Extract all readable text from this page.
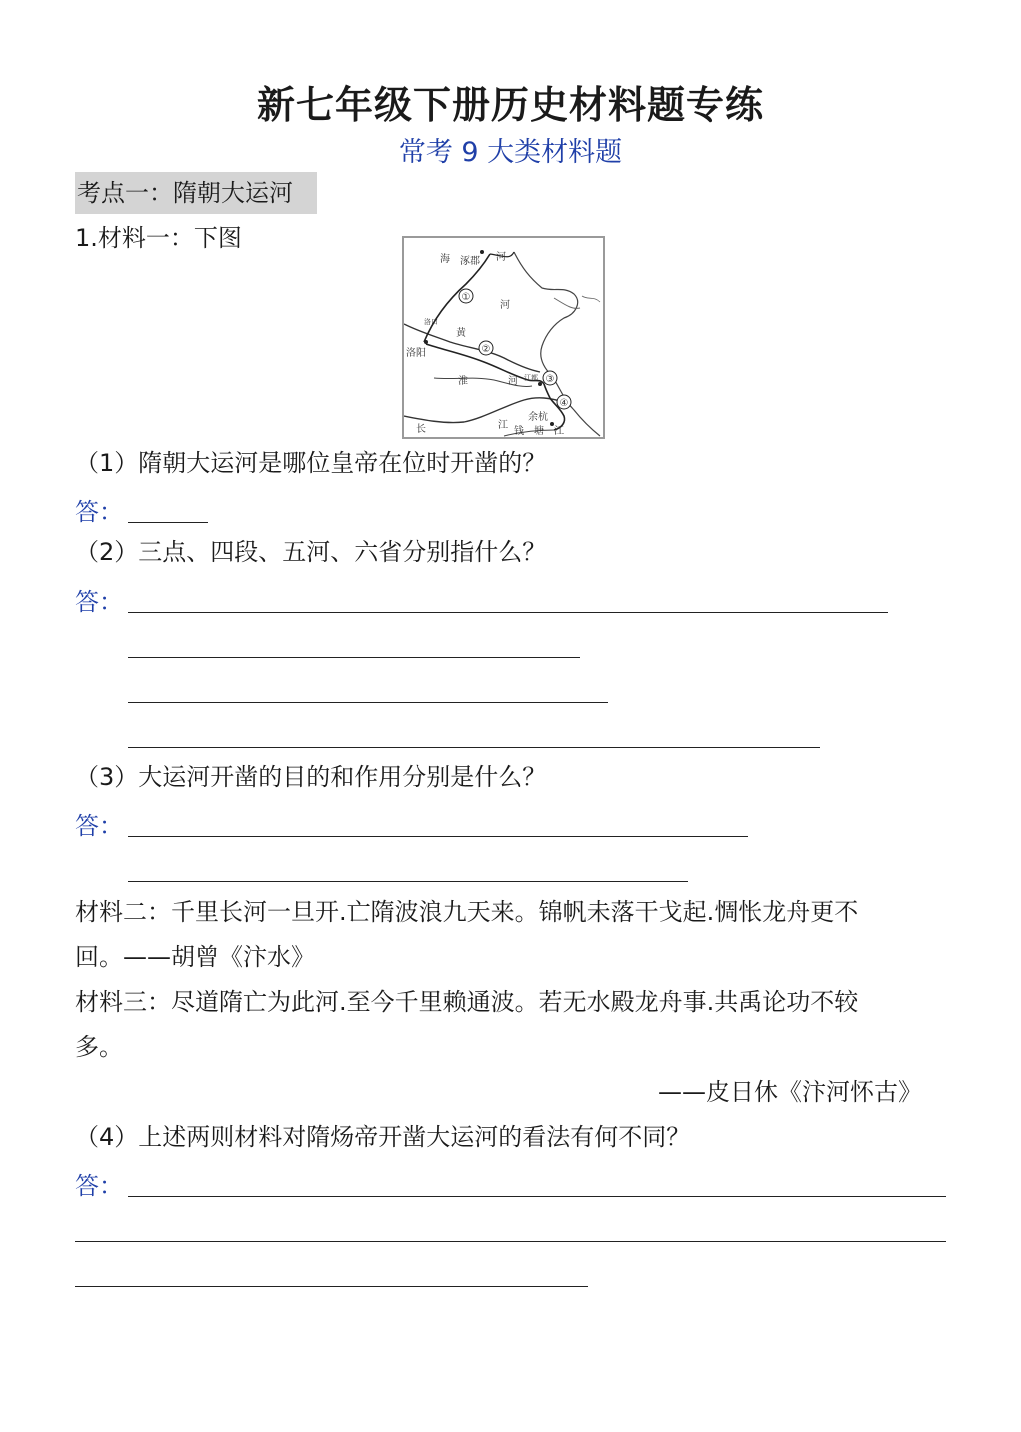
新七年级下册历史材料题专练
常考 9 大类材料题
考点一：隋朝大运河
1.材料一：下图
①
②
③
④
海 涿郡 河
河
黄
洛口
洛阳
淮	河 江都
余杭
长	江
钱 塘 江
（1）隋朝大运河是哪位皇帝在位时开凿的？
答：
（2）三点、四段、五河、六省分别指什么？
答：
（3）大运河开凿的目的和作用分别是什么？
答：
材料二：千里长河一旦开.亡隋波浪九天来。锦帆未落干戈起.惆怅龙舟更不
回。——胡曾《汴水》
材料三：尽道隋亡为此河.至今千里赖通波。若无水殿龙舟事.共禹论功不较
多。
——皮日休《汴河怀古》
（4）上述两则材料对隋炀帝开凿大运河的看法有何不同？
答：
